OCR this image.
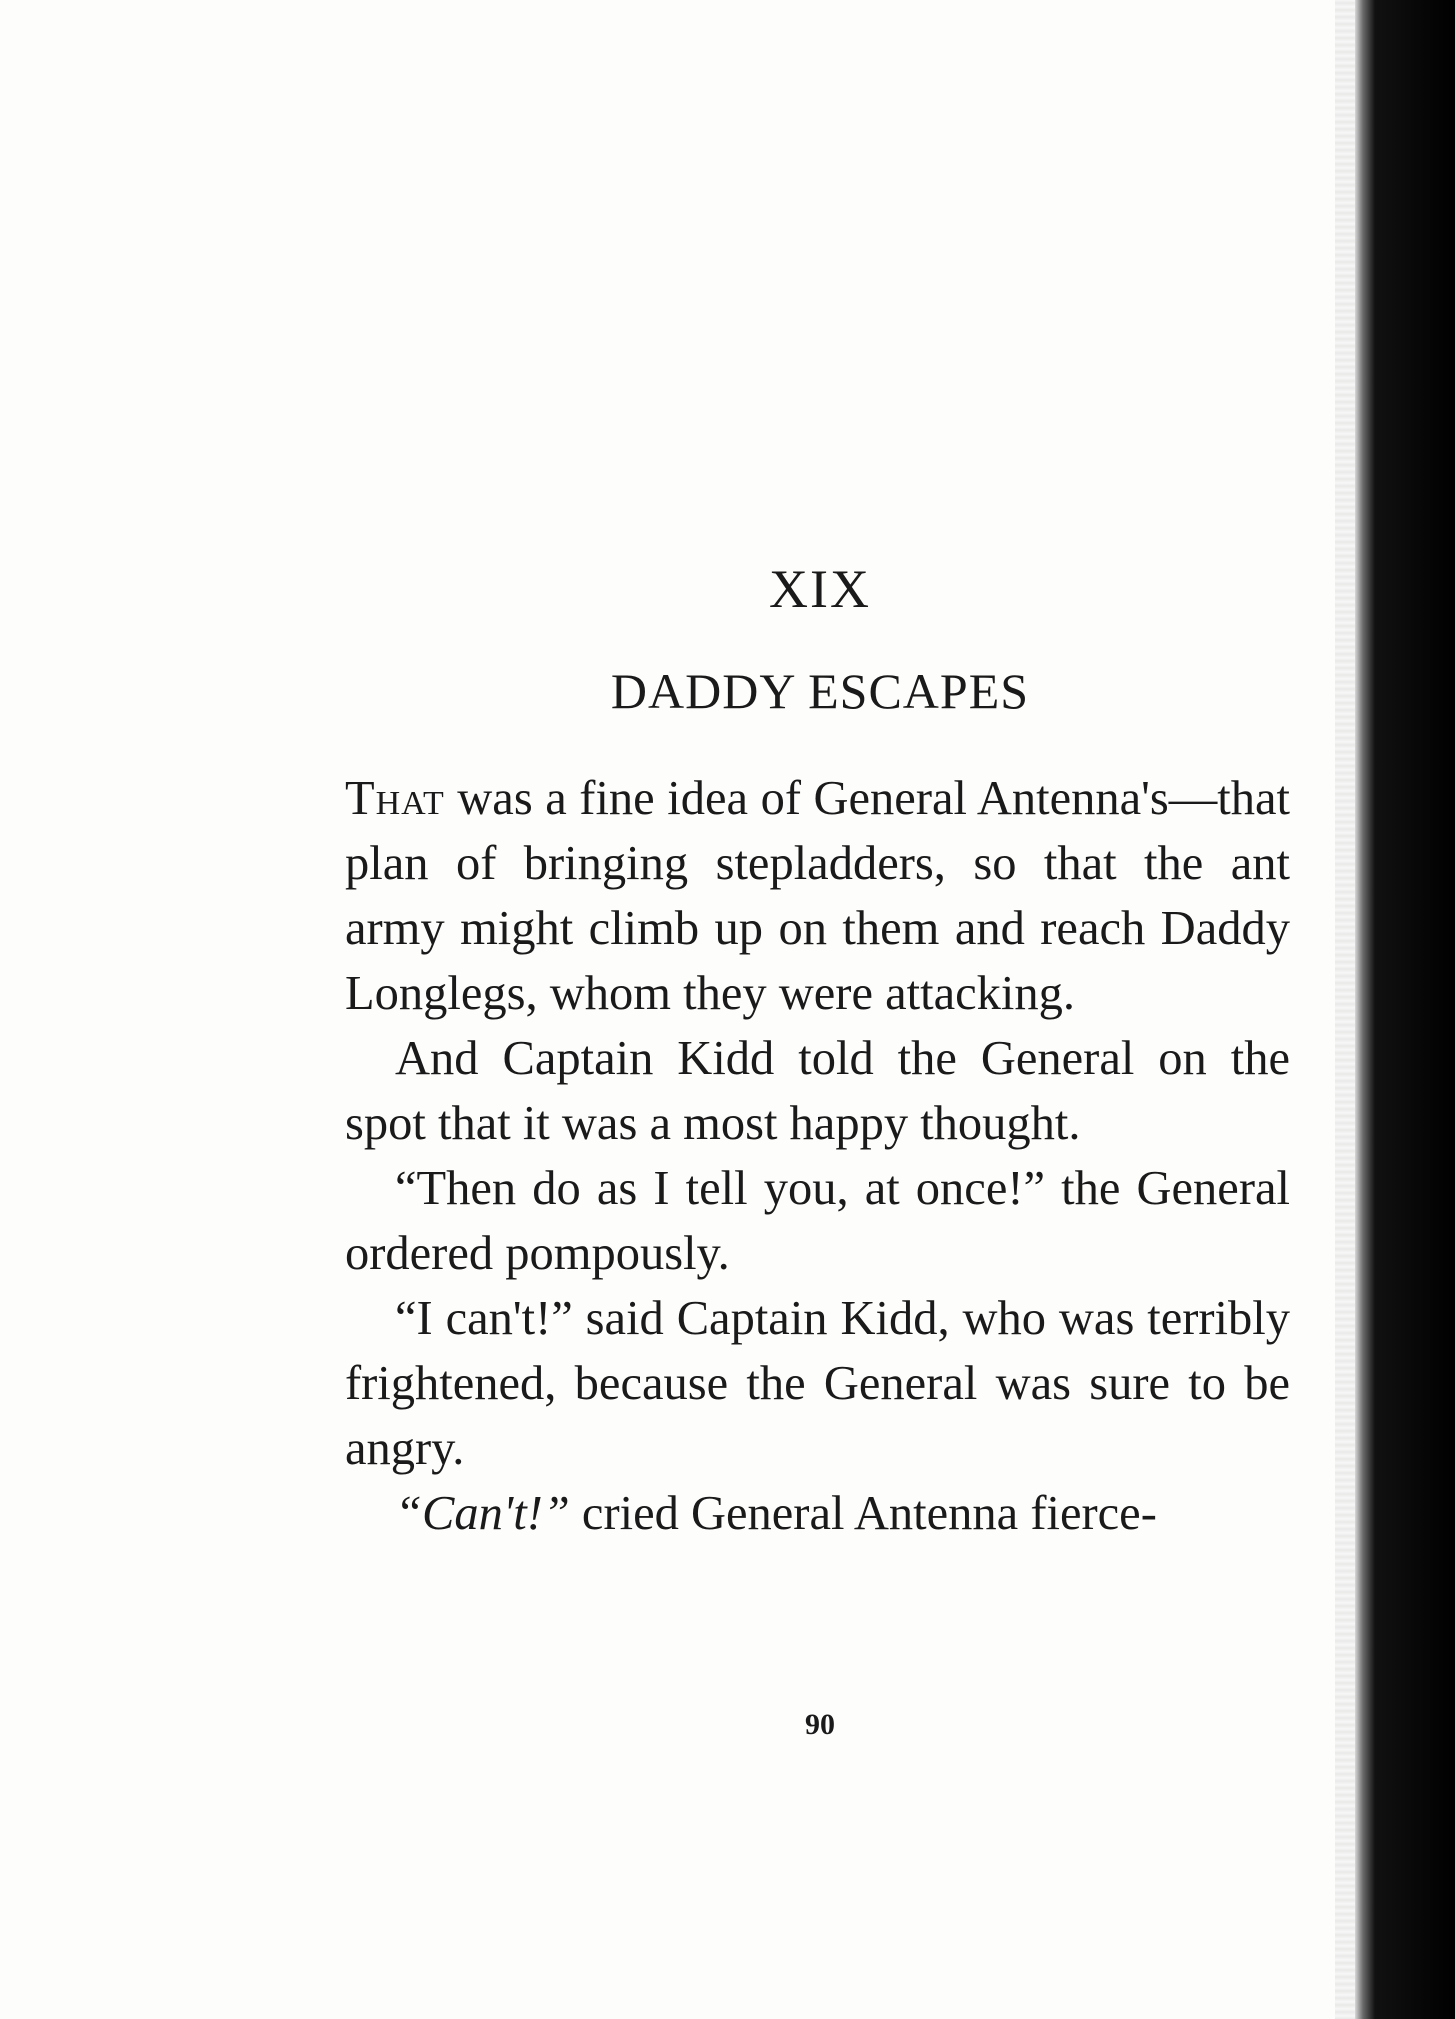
XIX
DADDY ESCAPES

That was a fine idea of General Antenna's—that plan of bringing stepladders, so that the ant army might climb up on them and reach Daddy Longlegs, whom they were attacking.

And Captain Kidd told the General on the spot that it was a most happy thought.

“Then do as I tell you, at once!” the General ordered pompously.

“I can't!” said Captain Kidd, who was terribly frightened, because the General was sure to be angry.

“Can't!” cried General Antenna fierce-

90
